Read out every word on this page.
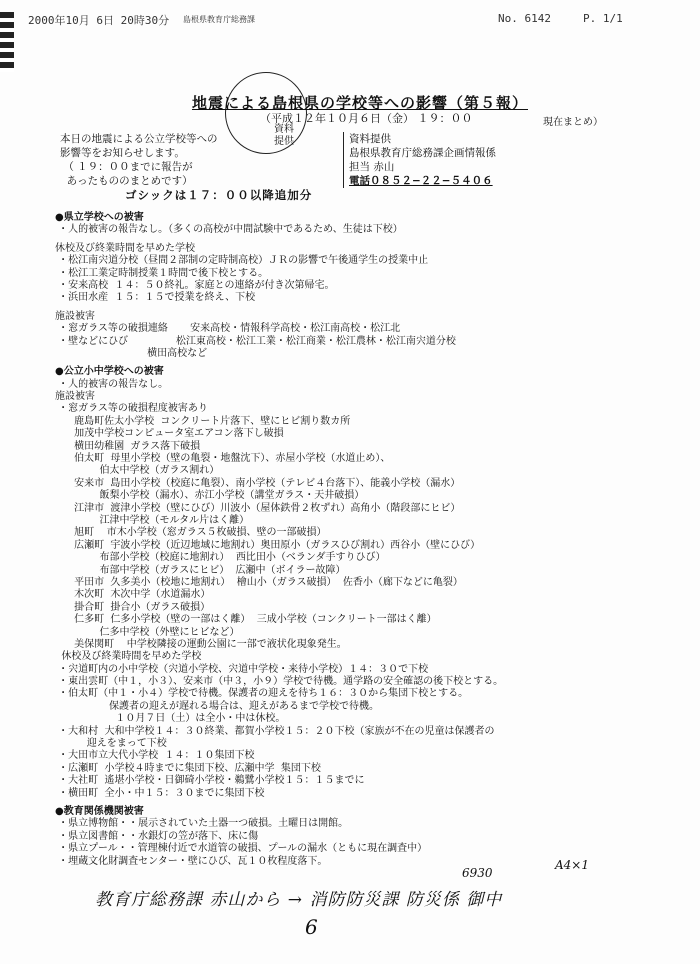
2000年10月 6日 20時30分 島根県教育庁総務課	No. 6142	P. 1/1
地震による島根県の学校等への影響（第５報）
（平成１２年１０月６日（金） １９：００	現在まとめ）
本日の地震による公立学校等への
影響等をお知らせします。
（ １９：００までに報告が
あったもののまとめです）
資料
提供	資料提供
島根県教育庁総務課企画情報係
担当 赤山
電話０８５２−２２−５４０６
ゴシックは１７：００以降追加分
●県立学校への被害
・人的被害の報告なし。（多くの高校が中間試験中であるため、生徒は下校）
休校及び終業時間を早めた学校
・松江南宍道分校（昼間２部制の定時制高校）ＪＲの影響で午後通学生の授業中止
・松江工業定時制授業１時間で後下校とする。
・安来高校  １４：５０終礼。家庭との連絡が付き次第帰宅。
・浜田水産  １５：１５で授業を終え、下校
施設被害
・窓ガラス等の破損連絡       安来高校・情報科学高校・松江南高校・松江北
・壁などにひび               松江東高校・松江工業・松江商業・松江農林・松江南宍道分校
横田高校など
●公立小中学校への被害
・人的被害の報告なし。
施設被害
・窓ガラス等の破損程度被害あり
鹿島町佐太小学校  コンクリート片落下、壁にヒビ割り数カ所
加茂中学校コンピュータ室エアコン落下し破損
横田幼稚園  ガラス落下破損
伯太町  母里小学校（壁の亀裂・地盤沈下）、赤屋小学校（水道止め）、
伯太中学校（ガラス割れ）
安来市  島田小学校（校庭に亀裂）、南小学校（テレビ４台落下）、能義小学校（漏水）
飯梨小学校（漏水）、赤江小学校（講堂ガラス・天井破損）
江津市  渡津小学校（壁にひび）川波小（屋体鉄骨２枚ずれ）高角小（階段部にヒビ）
江津中学校（モルタル片はく離）
旭町    市木小学校（窓ガラス５枚破損、壁の一部破損）
広瀬町  宇波小学校（近辺地域に地割れ）奥田原小（ガラスひび割れ）西谷小（壁にひび）
布部小学校（校庭に地割れ）  西比田小（ベランダ手すりひび）
布部中学校（ガラスにヒビ）  広瀬中（ボイラー故障）
平田市  久多美小（校地に地割れ）  檜山小（ガラス破損）  佐香小（廊下などに亀裂）
木次町  木次中学（水道漏水）
掛合町  掛合小（ガラス破損）
仁多町  仁多小学校（壁の一部はく離）  三成小学校（コンクリート一部はく離）
仁多中学校（外壁にヒビなど）
美保関町    中学校隣接の運動公園に一部で液状化現象発生。
休校及び終業時間を早めた学校
・宍道町内の小中学校（宍道小学校、宍道中学校・来待小学校）１４：３０で下校
・東出雲町（中１，小３）、安来市（中３，小９）学校で待機。通学路の安全確認の後下校とする。
・伯太町（中１・小４）学校で待機。保護者の迎えを待ち１６：３０から集団下校とする。
保護者の迎えが遅れる場合は、迎えがあるまで学校で待機。
１０月７日（土）は全小・中は休校。
・大和村  大和中学校１４：３０終業、都賀小学校１５：２０下校（家族が不在の児童は保護者の
迎えをまって下校
・大田市立大代小学校  １４：１０集団下校
・広瀬町  小学校４時までに集団下校、広瀬中学  集団下校
・大社町  遙堪小学校・日御碕小学校・鵜鷺小学校１５：１５までに
・横田町  全小・中１５：３０までに集団下校
●教育関係機関被害
・県立博物館・・展示されていた土器一つ破損。土曜日は開館。
・県立図書館・・水銀灯の笠が落下、床に傷
・県立プール・・管理棟付近で水道管の破損、プールの漏水（ともに現在調査中）
・埋蔵文化財調査センター・壁にひび、瓦１０枚程度落下。
教育庁総務課 赤山から → 消防防災課 防災係 御中
6930
A4×1
6
